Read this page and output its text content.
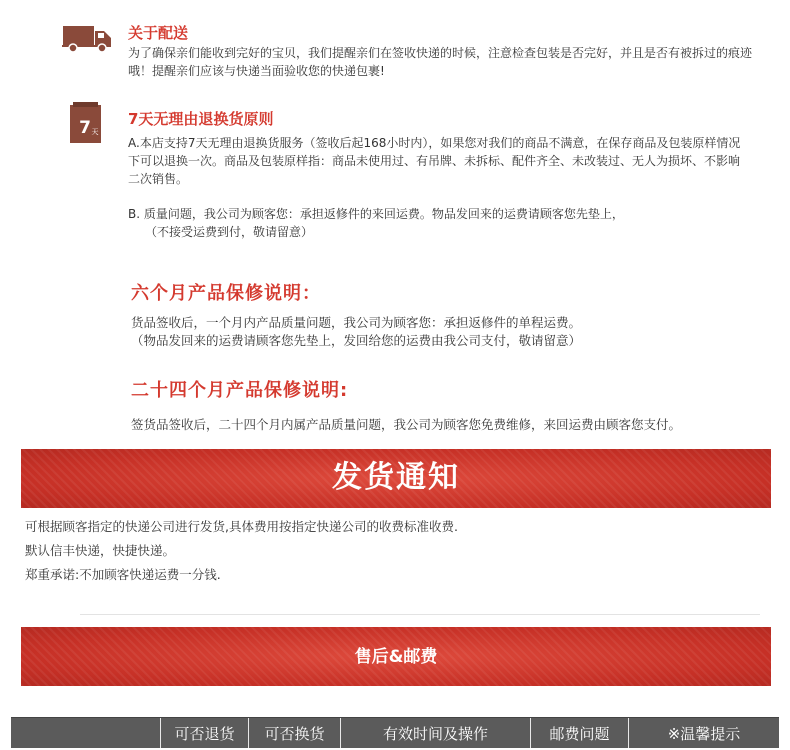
关于配送
为了确保亲们能收到完好的宝贝，我们提醒亲们在签收快递的时候，注意检查包装是否完好，并且是否有被拆过的痕迹哦！提醒亲们应该与快递当面验收您的快递包裹!
7 天
7天无理由退换货原则
A.本店支持7天无理由退换货服务（签收后起168小时内），如果您对我们的商品不满意，在保存商品及包装原样情况下可以退换一次。商品及包装原样指：商品未使用过、有吊牌、未拆标、配件齐全、未改装过、无人为损坏、不影响二次销售。
B. 质量问题，我公司为顾客您：承担返修件的来回运费。物品发回来的运费请顾客您先垫上，
（不接受运费到付，敬请留意）
六个月产品保修说明：
货品签收后，一个月内产品质量问题，我公司为顾客您：承担返修件的单程运费。
（物品发回来的运费请顾客您先垫上，发回给您的运费由我公司支付，敬请留意）
二十四个月产品保修说明:
签货品签收后，二十四个月内属产品质量问题，我公司为顾客您免费维修，来回运费由顾客您支付。
发货通知
可根据顾客指定的快递公司进行发货,具体费用按指定快递公司的收费标准收费.
默认信丰快递，快捷快递。
郑重承诺:不加顾客快递运费一分钱.
售后&邮费
可否退货	可否换货	有效时间及操作	邮费问题	※温馨提示
